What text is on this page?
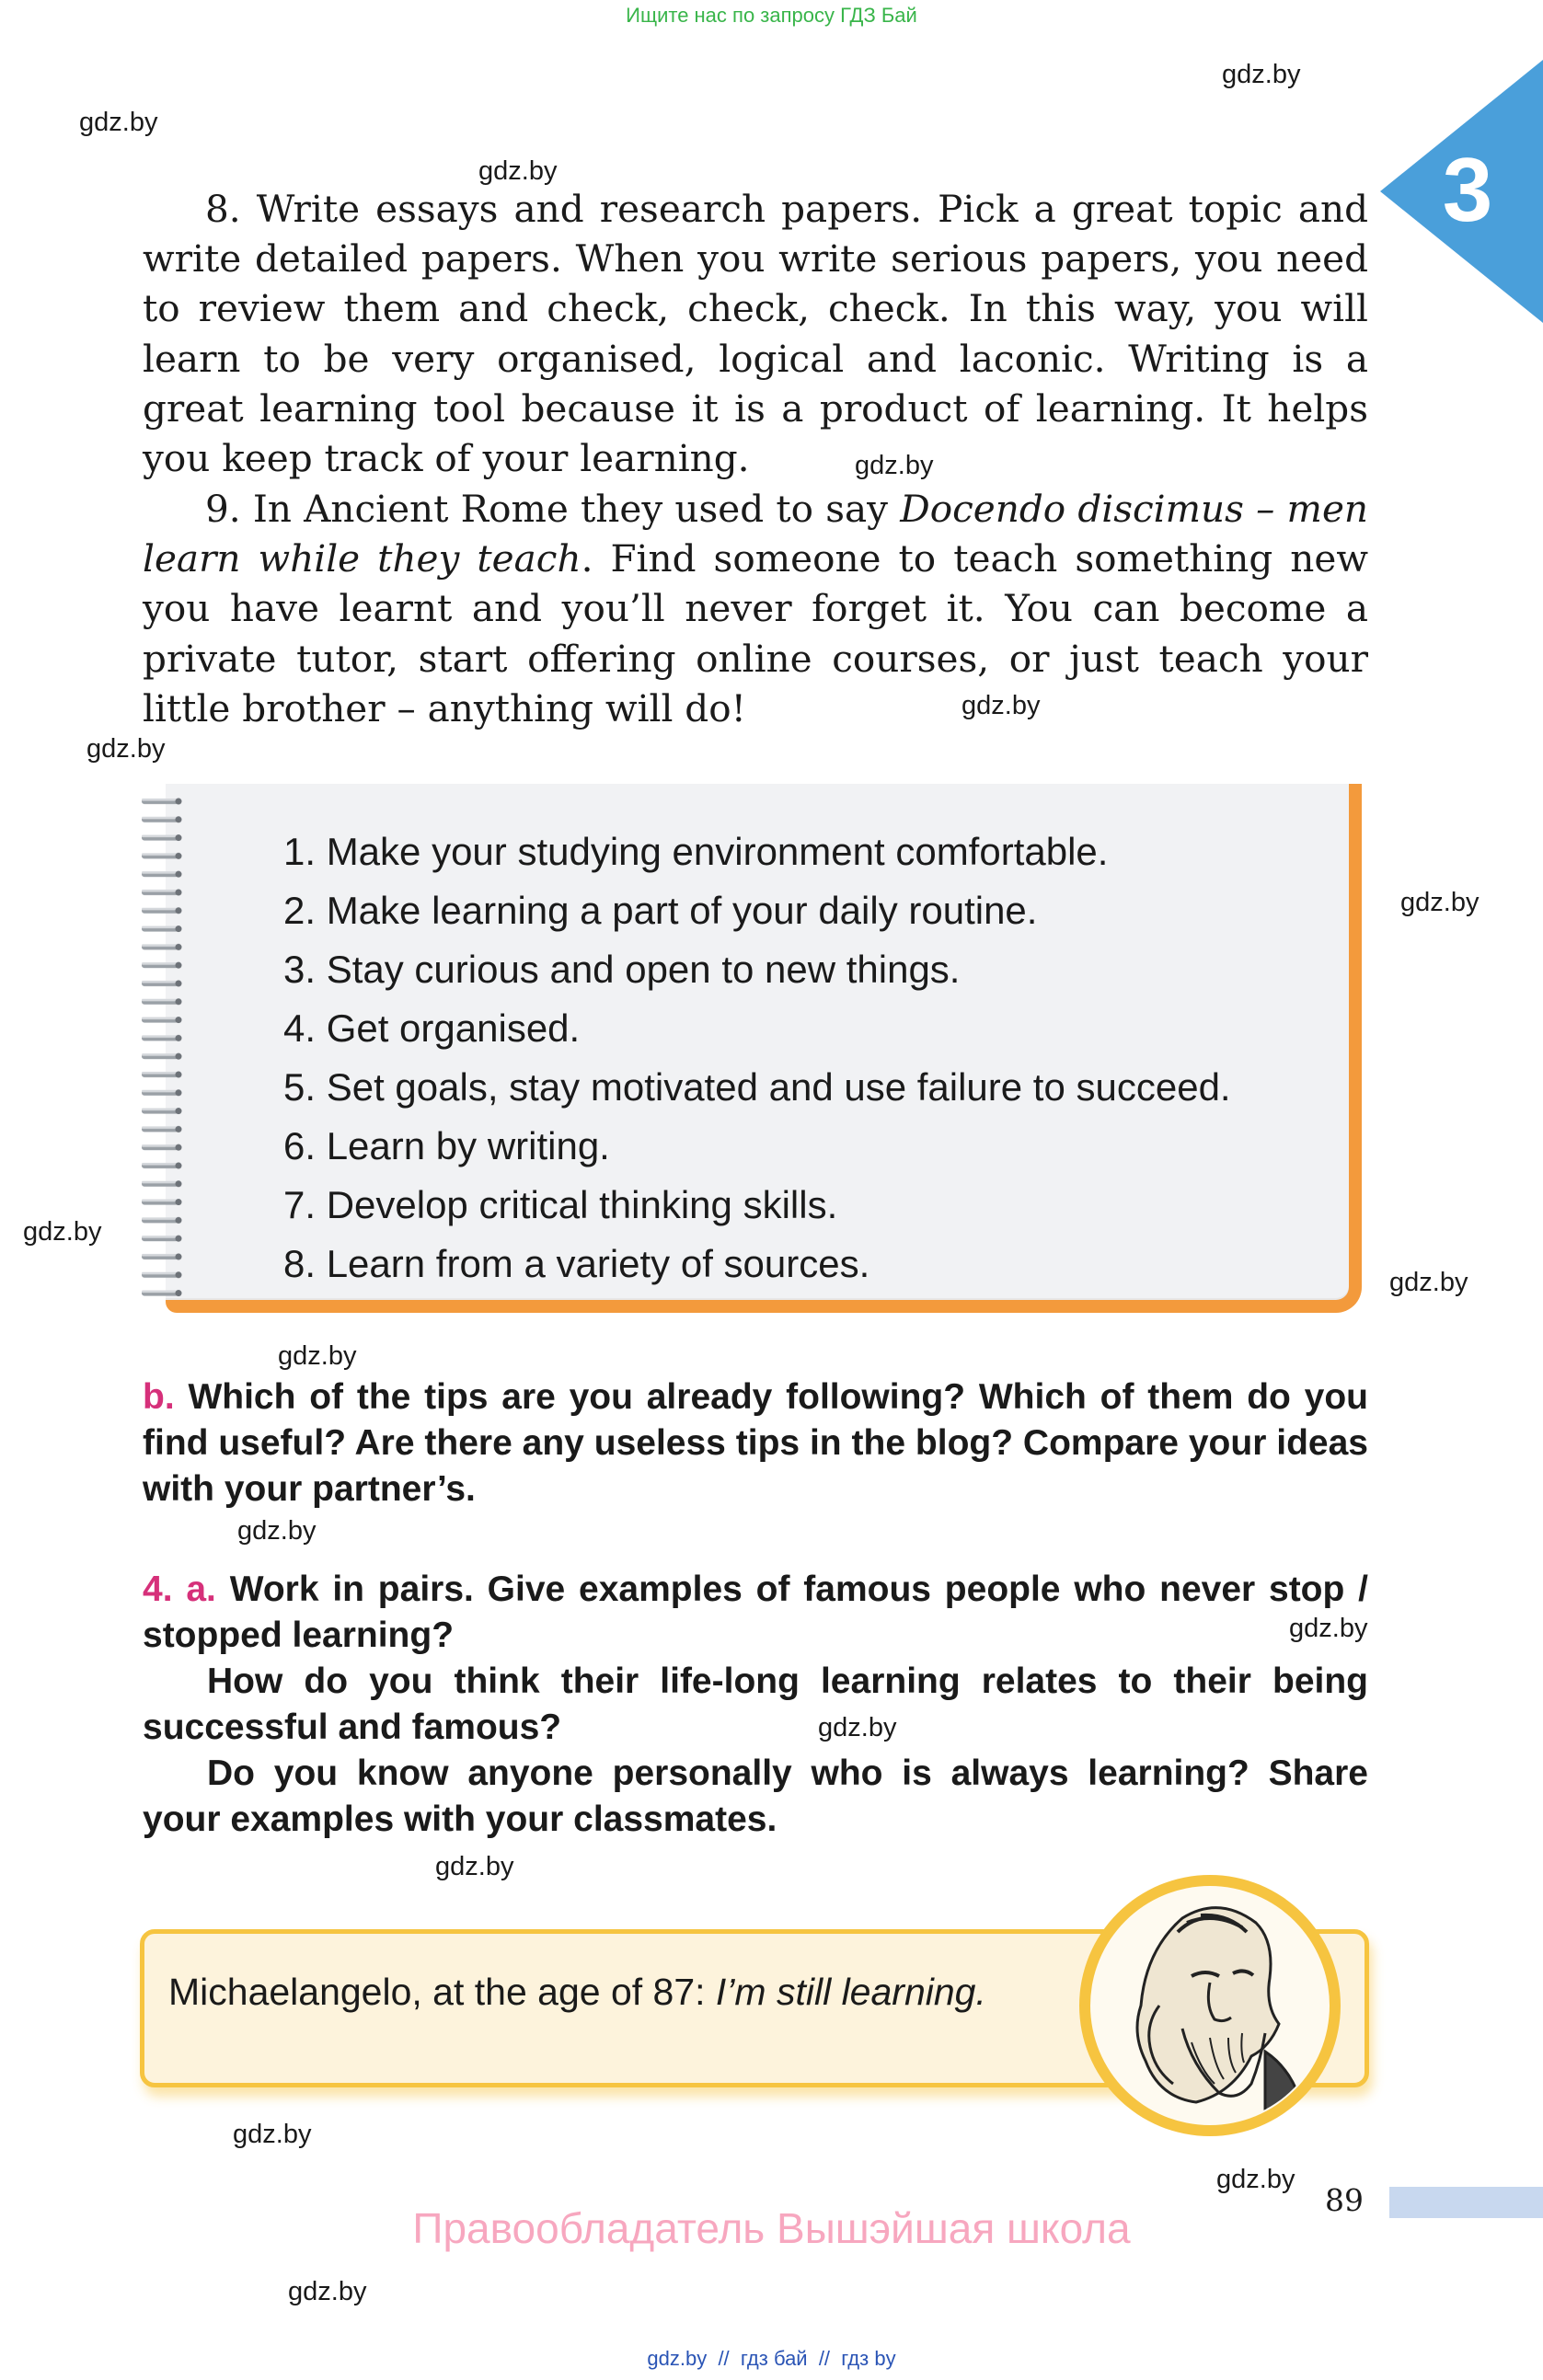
Ищите нас по запросу ГДЗ Бай
3
gdz.by
gdz.by
gdz.by
gdz.by
gdz.by
gdz.by
gdz.by
gdz.by
gdz.by
gdz.by
gdz.by
gdz.by
gdz.by
gdz.by
gdz.by
gdz.by
gdz.by

8. Write essays and research papers. Pick a great topic and write detailed papers. When you write serious papers, you need to review them and check, check, check. In this way, you will learn to be very organised, logical and laconic. Writing is a great learning tool because it is a product of learning. It helps you keep track of your learning.

9. In Ancient Rome they used to say Docendo discimus – men learn while they teach. Find someone to teach something new you have learnt and you’ll never forget it. You can become a private tutor, start offering online courses, or just teach your little brother – anything will do!

1. Make your studying environment comfortable.
2. Make learning a part of your daily routine.
3. Stay curious and open to new things.
4. Get organised.
5. Set goals, stay motivated and use failure to succeed.
6. Learn by writing.
7. Develop critical thinking skills.
8. Learn from a variety of sources.

b. Which of the tips are you already following? Which of them do you find useful? Are there any useless tips in the blog? Compare your ideas with your partner’s.

4. a. Work in pairs. Give examples of famous people who never stop / stopped learning?
How do you think their life-long learning relates to their being successful and famous?
Do you know anyone personally who is always learning? Share your examples with your classmates.

Michaelangelo, at the age of 87: I’m still learning.
89
Правообладатель Вышэйшая школа
gdz.by  //  гдз бай  //  гдз by
